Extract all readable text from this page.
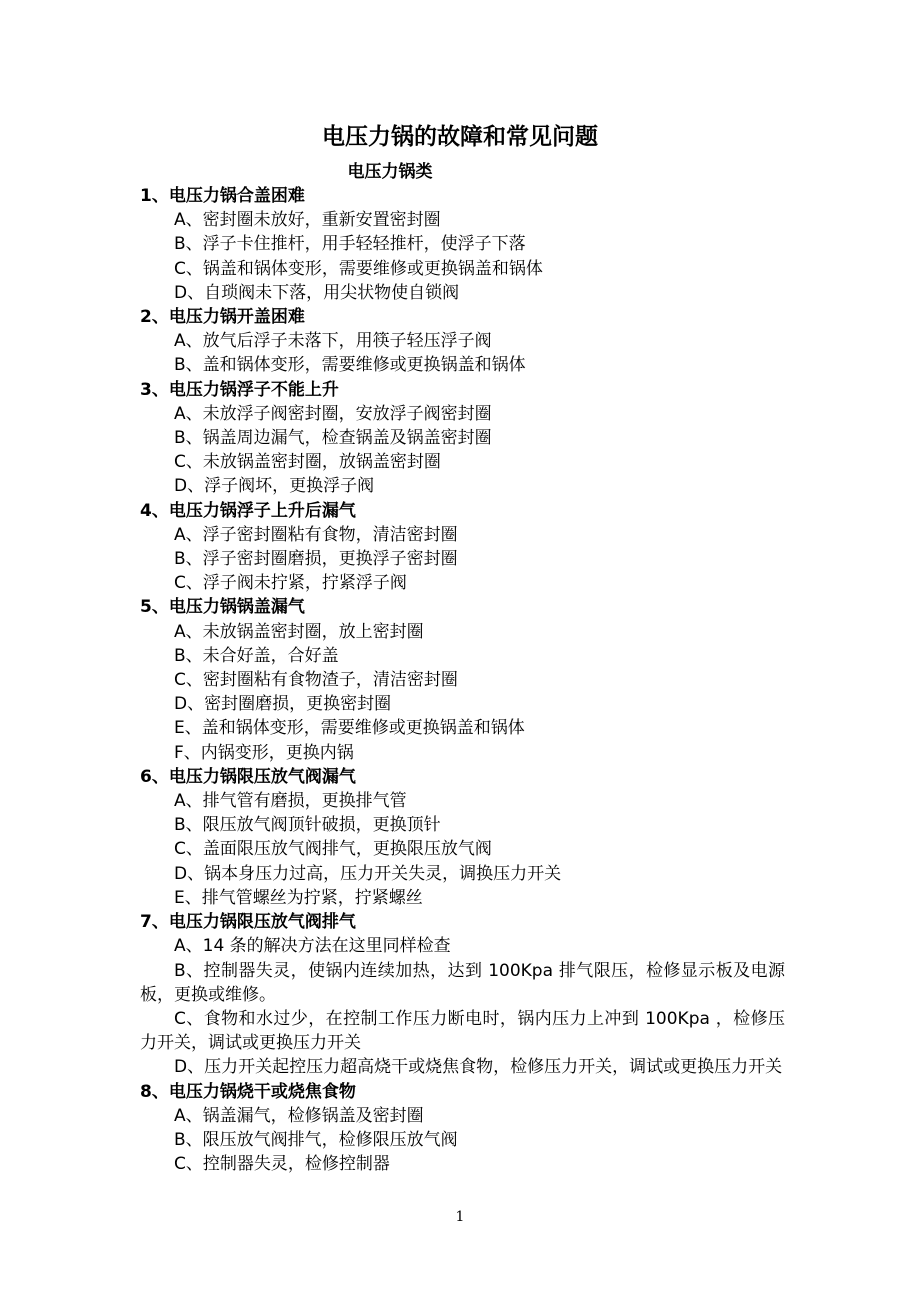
电压力锅的故障和常见问题
电压力锅类

1、电压力锅合盖困难

A、密封圈未放好，重新安置密封圈

B、浮子卡住推杆，用手轻轻推杆，使浮子下落

C、锅盖和锅体变形，需要维修或更换锅盖和锅体

D、自琐阀未下落，用尖状物使自锁阀

2、电压力锅开盖困难

A、放气后浮子未落下，用筷子轻压浮子阀

B、盖和锅体变形，需要维修或更换锅盖和锅体

3、电压力锅浮子不能上升

A、未放浮子阀密封圈，安放浮子阀密封圈

B、锅盖周边漏气，检查锅盖及锅盖密封圈

C、未放锅盖密封圈，放锅盖密封圈

D、浮子阀坏，更换浮子阀

4、电压力锅浮子上升后漏气

A、浮子密封圈粘有食物，清洁密封圈

B、浮子密封圈磨损，更换浮子密封圈

C、浮子阀未拧紧，拧紧浮子阀

5、电压力锅锅盖漏气

A、未放锅盖密封圈，放上密封圈

B、未合好盖，合好盖

C、密封圈粘有食物渣子，清洁密封圈

D、密封圈磨损，更换密封圈

E、盖和锅体变形，需要维修或更换锅盖和锅体

F、内锅变形，更换内锅

6、电压力锅限压放气阀漏气

A、排气管有磨损，更换排气管

B、限压放气阀顶针破损，更换顶针

C、盖面限压放气阀排气，更换限压放气阀

D、锅本身压力过高，压力开关失灵，调换压力开关

E、排气管螺丝为拧紧，拧紧螺丝

7、电压力锅限压放气阀排气

A、14 条的解决方法在这里同样检查

B、控制器失灵，使锅内连续加热，达到 100Kpa 排气限压，检修显示板及电源板，更换或维修。

C、食物和水过少，在控制工作压力断电时，锅内压力上冲到 100Kpa ，检修压力开关，调试或更换压力开关

D、压力开关起控压力超高烧干或烧焦食物，检修压力开关，调试或更换压力开关

8、电压力锅烧干或烧焦食物

A、锅盖漏气，检修锅盖及密封圈

B、限压放气阀排气，检修限压放气阀

C、控制器失灵，检修控制器

1
